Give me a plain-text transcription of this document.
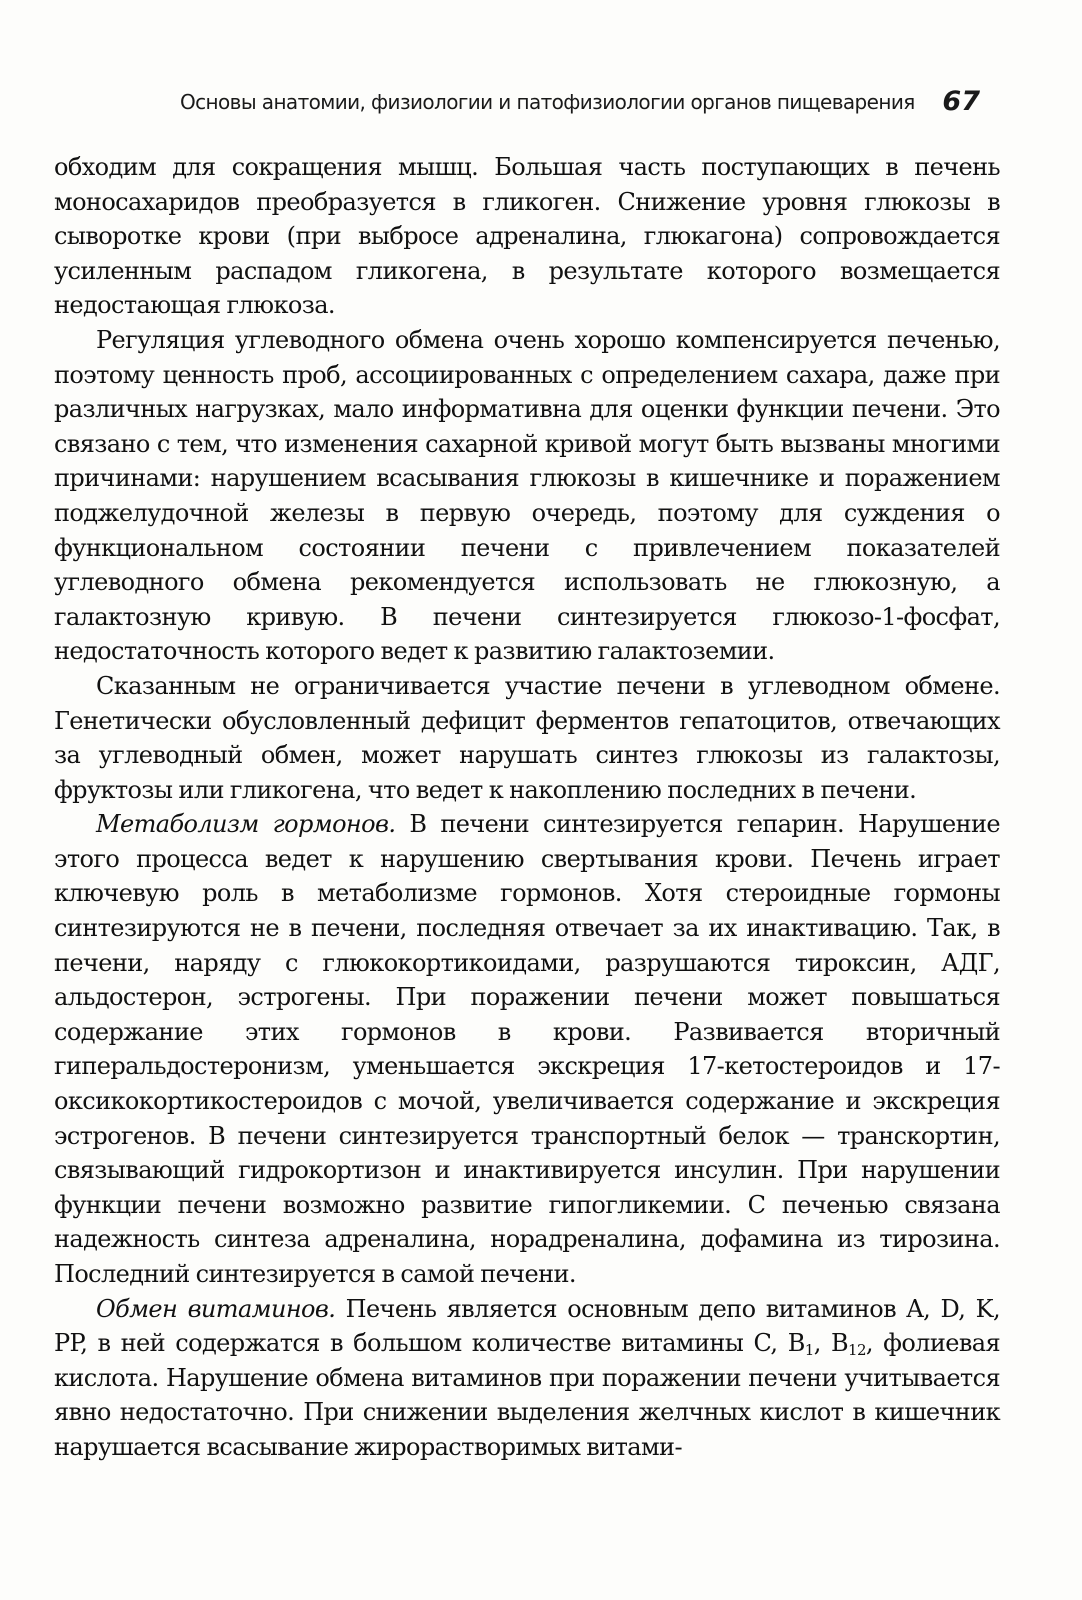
Основы анатомии, физиологии и патофизиологии органов пищеварения 67

обходим для сокращения мышц. Большая часть поступающих в печень моносахаридов преобразуется в гликоген. Снижение уровня глюкозы в сыворотке крови (при выбросе адреналина, глюкагона) сопровождается усиленным распадом гликогена, в результате которого возмещается недостающая глюкоза.

Регуляция углеводного обмена очень хорошо компенсируется печенью, поэтому ценность проб, ассоциированных с определением сахара, даже при различных нагрузках, мало информативна для оценки функции печени. Это связано с тем, что изменения сахарной кривой могут быть вызваны многими причинами: нарушением всасывания глюкозы в кишечнике и поражением поджелудочной железы в первую очередь, поэтому для суждения о функциональном состоянии печени с привлечением показателей углеводного обмена рекомендуется использовать не глюкозную, а галактозную кривую. В печени синтезируется глюкозо-1-фосфат, недостаточность которого ведет к развитию галактоземии.

Сказанным не ограничивается участие печени в углеводном обмене. Генетически обусловленный дефицит ферментов гепатоцитов, отвечающих за углеводный обмен, может нарушать синтез глюкозы из галактозы, фруктозы или гликогена, что ведет к накоплению последних в печени.

Метаболизм гормонов. В печени синтезируется гепарин. Нарушение этого процесса ведет к нарушению свертывания крови. Печень играет ключевую роль в метаболизме гормонов. Хотя стероидные гормоны синтезируются не в печени, последняя отвечает за их инактивацию. Так, в печени, наряду с глюкокортикоидами, разрушаются тироксин, АДГ, альдостерон, эстрогены. При поражении печени может повышаться содержание этих гормонов в крови. Развивается вторичный гиперальдостеронизм, уменьшается экскреция 17-кетостероидов и 17-оксикокортикостероидов с мочой, увеличивается содержание и экскреция эстрогенов. В печени синтезируется транспортный белок — транскортин, связывающий гидрокортизон и инактивируется инсулин. При нарушении функции печени возможно развитие гипогликемии. С печенью связана надежность синтеза адреналина, норадреналина, дофамина из тирозина. Последний синтезируется в самой печени.

Обмен витаминов. Печень является основным депо витаминов A, D, K, PP, в ней содержатся в большом количестве витамины C, $B_1$, $B_{12}$, фолиевая кислота. Нарушение обмена витаминов при поражении печени учитывается явно недостаточно. При снижении выделения желчных кислот в кишечник нарушается всасывание жирорастворимых витами-
